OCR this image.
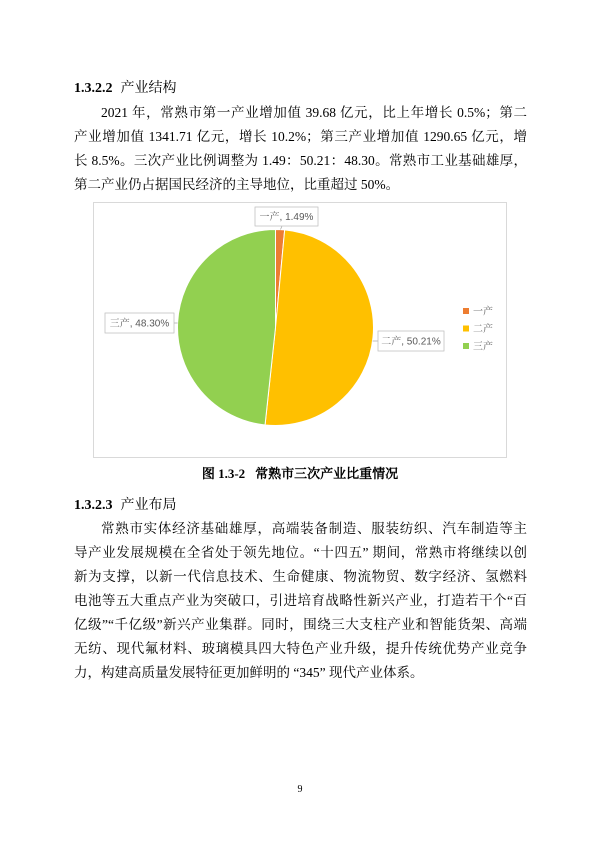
1.3.2.2 产业结构
2021 年，常熟市第一产业增加值 39.68 亿元，比上年增长 0.5%；第二
产业增加值 1341.71 亿元，增长 10.2%；第三产业增加值 1290.65 亿元，增
长 8.5%。三次产业比例调整为 1.49：50.21：48.30。常熟市工业基础雄厚，
第二产业仍占据国民经济的主导地位，比重超过 50%。
一产, 1.49%
二产, 50.21%
三产, 48.30%
一产
二产
三产
图 1.3-2 常熟市三次产业比重情况
1.3.2.3 产业布局
常熟市实体经济基础雄厚，高端装备制造、服装纺织、汽车制造等主
导产业发展规模在全省处于领先地位。“十四五” 期间，常熟市将继续以创
新为支撑，以新一代信息技术、生命健康、物流物贸、数字经济、氢燃料
电池等五大重点产业为突破口，引进培育战略性新兴产业，打造若干个“百
亿级”“千亿级”新兴产业集群。同时，围绕三大支柱产业和智能货架、高端
无纺、现代氟材料、玻璃模具四大特色产业升级，提升传统优势产业竞争
力，构建高质量发展特征更加鲜明的 “345” 现代产业体系。
9
